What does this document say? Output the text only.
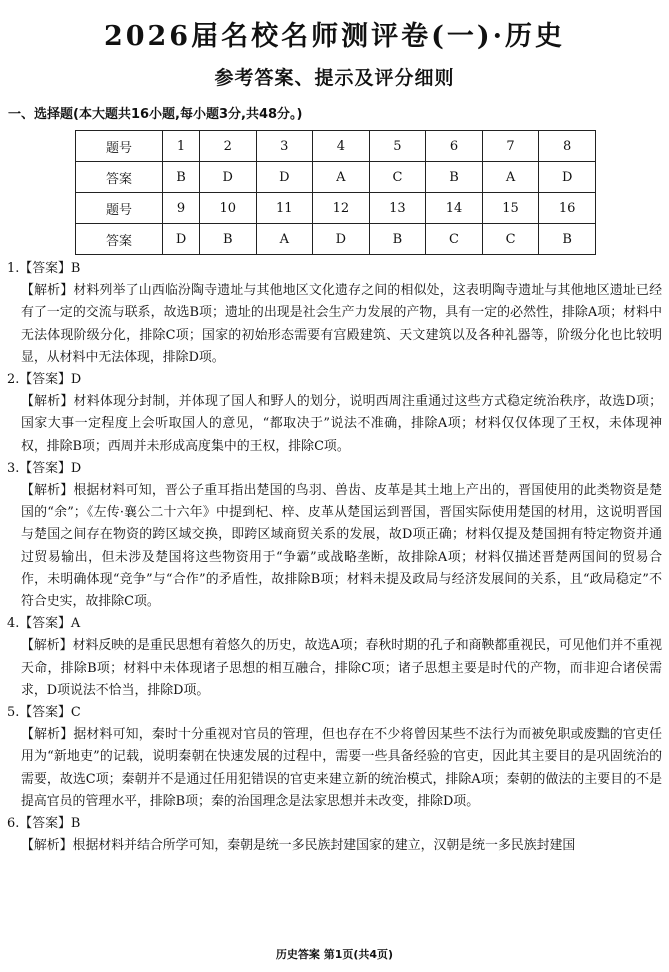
2026届名校名师测评卷(一)·历史
参考答案、提示及评分细则
一、选择题(本大题共16小题,每小题3分,共48分。)
题号	1	2	3	4	5	6	7	8
答案	B	D	D	A	C	B	A	D
题号	9	10	11	12	13	14	15	16
答案	D	B	A	D	B	C	C	B

1.【答案】B

【解析】材料列举了山西临汾陶寺遗址与其他地区文化遗存之间的相似处，这表明陶寺遗址与其他地区遗址已经有了一定的交流与联系，故选B项；遗址的出现是社会生产力发展的产物，具有一定的必然性，排除A项；材料中无法体现阶级分化，排除C项；国家的初始形态需要有宫殿建筑、天文建筑以及各种礼器等，阶级分化也比较明显，从材料中无法体现，排除D项。

2.【答案】D

【解析】材料体现分封制，并体现了国人和野人的划分，说明西周注重通过这些方式稳定统治秩序，故选D项；国家大事一定程度上会听取国人的意见，“都取决于”说法不准确，排除A项；材料仅仅体现了王权，未体现神权，排除B项；西周并未形成高度集中的王权，排除C项。

3.【答案】D

【解析】根据材料可知，晋公子重耳指出楚国的鸟羽、兽齿、皮革是其土地上产出的，晋国使用的此类物资是楚国的“余”；《左传·襄公二十六年》中提到杞、梓、皮革从楚国运到晋国，晋国实际使用楚国的材用，这说明晋国与楚国之间存在物资的跨区域交换，即跨区域商贸关系的发展，故D项正确；材料仅提及楚国拥有特定物资并通过贸易输出，但未涉及楚国将这些物资用于“争霸”或战略垄断，故排除A项；材料仅描述晋楚两国间的贸易合作，未明确体现“竞争”与“合作”的矛盾性，故排除B项；材料未提及政局与经济发展间的关系，且“政局稳定”不符合史实，故排除C项。

4.【答案】A

【解析】材料反映的是重民思想有着悠久的历史，故选A项；春秋时期的孔子和商鞅都重视民，可见他们并不重视天命，排除B项；材料中未体现诸子思想的相互融合，排除C项；诸子思想主要是时代的产物，而非迎合诸侯需求，D项说法不恰当，排除D项。

5.【答案】C

【解析】据材料可知，秦时十分重视对官员的管理，但也存在不少将曾因某些不法行为而被免职或废黜的官吏任用为“新地吏”的记载，说明秦朝在快速发展的过程中，需要一些具备经验的官吏，因此其主要目的是巩固统治的需要，故选C项；秦朝并不是通过任用犯错误的官吏来建立新的统治模式，排除A项；秦朝的做法的主要目的不是提高官员的管理水平，排除B项；秦的治国理念是法家思想并未改变，排除D项。

6.【答案】B

【解析】根据材料并结合所学可知，秦朝是统一多民族封建国家的建立，汉朝是统一多民族封建国

历史答案 第1页(共4页)
